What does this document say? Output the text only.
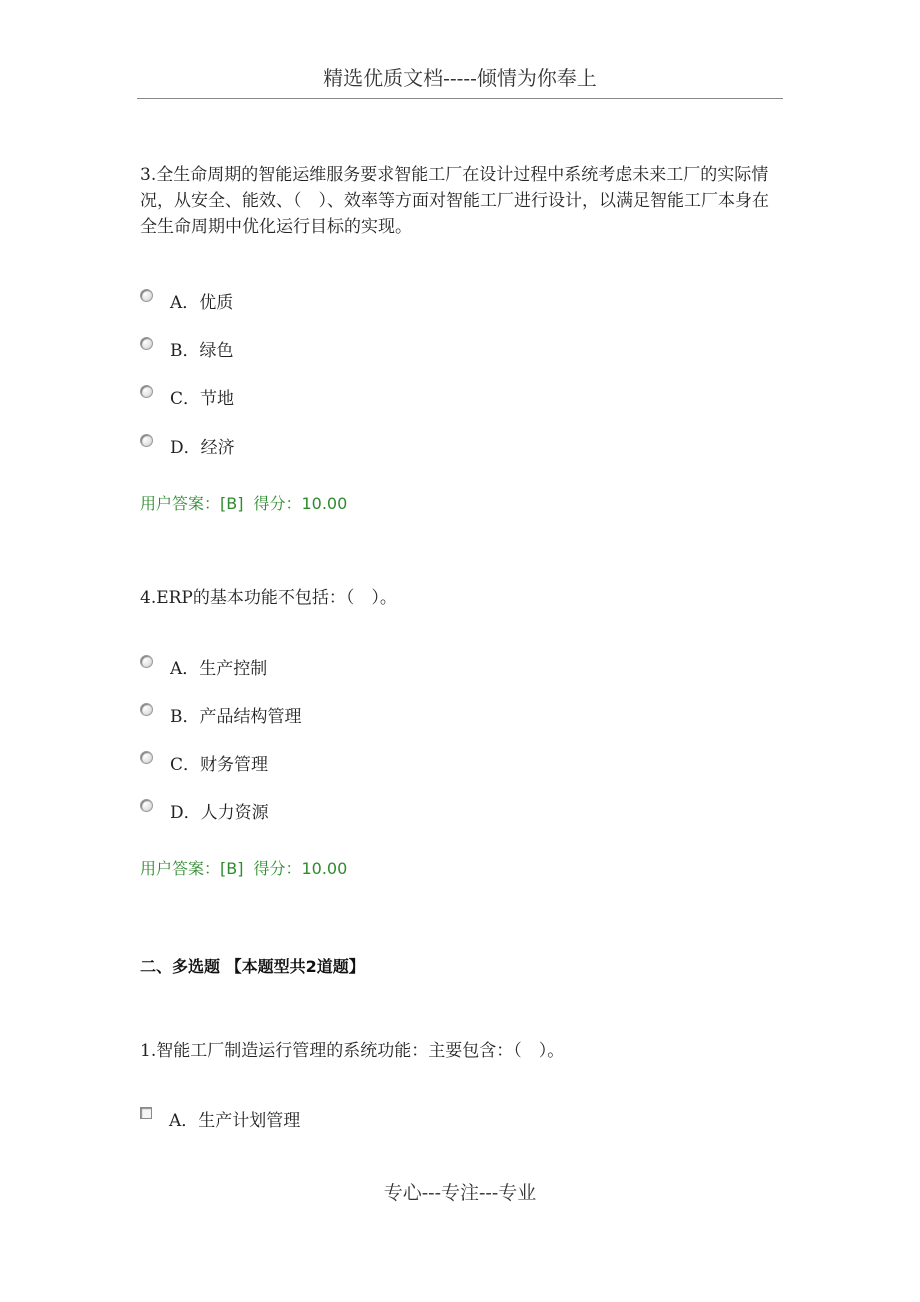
精选优质文档-----倾情为你奉上
3.全生命周期的智能运维服务要求智能工厂在设计过程中系统考虑未来工厂的实际情况，从安全、能效、（　）、效率等方面对智能工厂进行设计，以满足智能工厂本身在全生命周期中优化运行目标的实现。
A．优质
B．绿色
C．节地
D．经济
用户答案：[B] 得分：10.00
4.ERP的基本功能不包括：（　）。
A．生产控制
B．产品结构管理
C．财务管理
D．人力资源
用户答案：[B] 得分：10.00
二、多选题 【本题型共2道题】
1.智能工厂制造运行管理的系统功能：主要包含：（　）。
A．生产计划管理
专心---专注---专业
